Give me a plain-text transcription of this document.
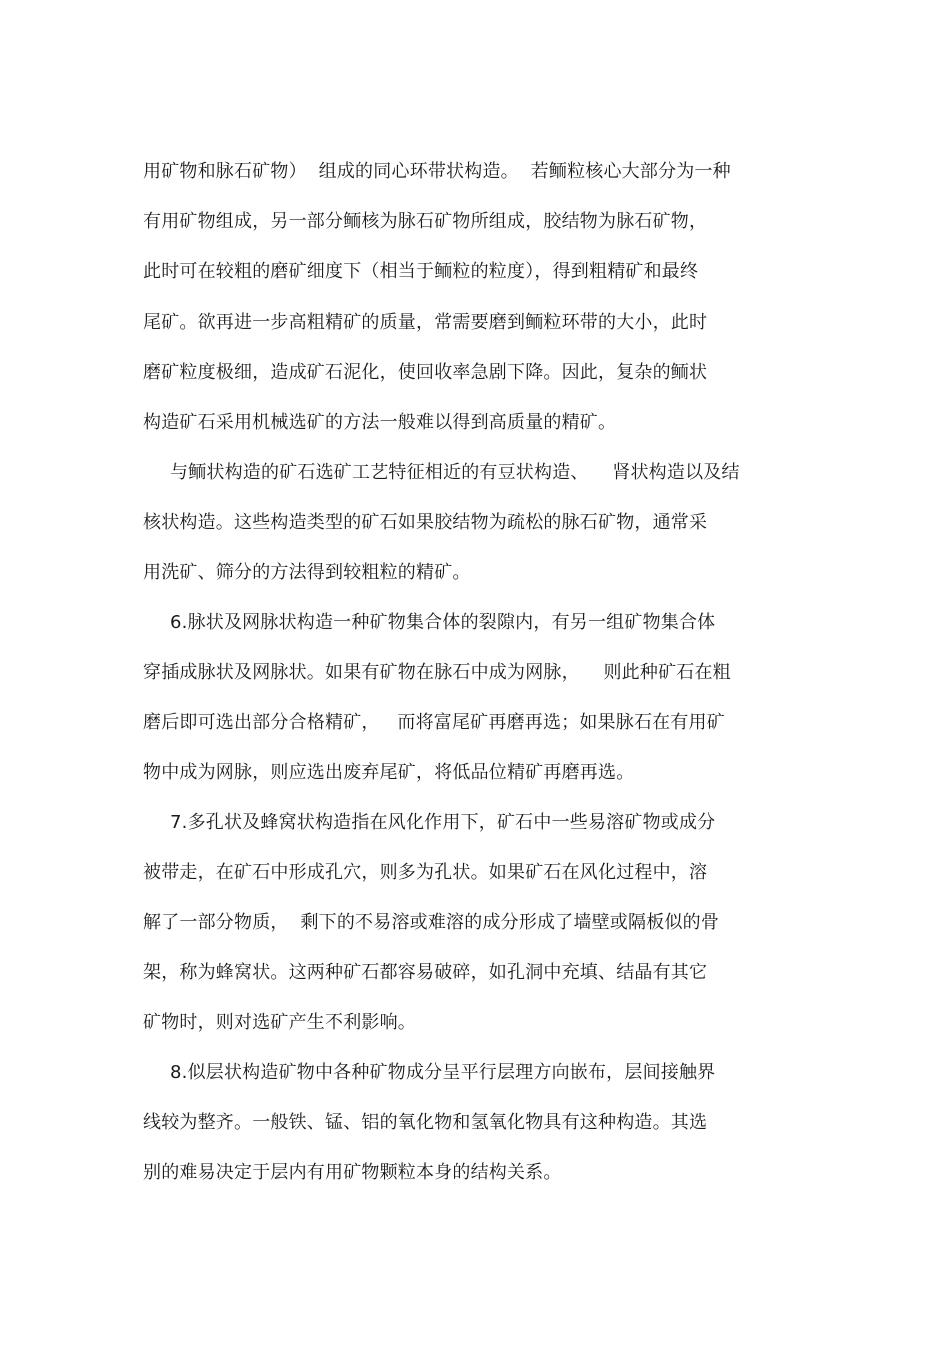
用矿物和脉石矿物）  组成的同心环带状构造。  若鲕粒核心大部分为一种
有用矿物组成，另一部分鲕核为脉石矿物所组成，胶结物为脉石矿物，
此时可在较粗的磨矿细度下（相当于鲕粒的粒度），得到粗精矿和最终
尾矿。欲再进一步高粗精矿的质量，常需要磨到鲕粒环带的大小，此时
磨矿粒度极细，造成矿石泥化，使回收率急剧下降。因此，复杂的鲕状
构造矿石采用机械选矿的方法一般难以得到高质量的精矿。
与鲕状构造的矿石选矿工艺特征相近的有豆状构造、    肾状构造以及结
核状构造。这些构造类型的矿石如果胶结物为疏松的脉石矿物，通常采
用洗矿、筛分的方法得到较粗粒的精矿。
6.脉状及网脉状构造一种矿物集合体的裂隙内，有另一组矿物集合体
穿插成脉状及网脉状。如果有矿物在脉石中成为网脉，    则此种矿石在粗
磨后即可选出部分合格精矿，   而将富尾矿再磨再选；如果脉石在有用矿
物中成为网脉，则应选出废弃尾矿，将低品位精矿再磨再选。
7.多孔状及蜂窝状构造指在风化作用下，矿石中一些易溶矿物或成分
被带走，在矿石中形成孔穴，则多为孔状。如果矿石在风化过程中，溶
解了一部分物质，  剩下的不易溶或难溶的成分形成了墙壁或隔板似的骨
架，称为蜂窝状。这两种矿石都容易破碎，如孔洞中充填、结晶有其它
矿物时，则对选矿产生不利影响。
8.似层状构造矿物中各种矿物成分呈平行层理方向嵌布，层间接触界
线较为整齐。一般铁、锰、铝的氧化物和氢氧化物具有这种构造。其选
别的难易决定于层内有用矿物颗粒本身的结构关系。
